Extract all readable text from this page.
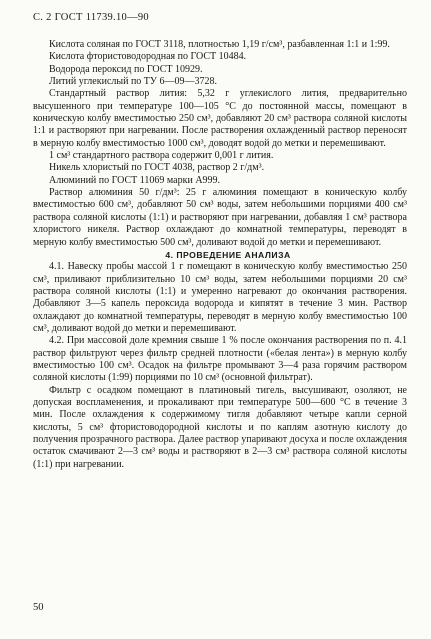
С. 2 ГОСТ 11739.10—90

Кислота соляная по ГОСТ 3118, плотностью 1,19 г/см³, разбавленная 1:1 и 1:99.

Кислота фтористоводородная по ГОСТ 10484.

Водорода пероксид по ГОСТ 10929.

Литий углекислый по ТУ 6—09—3728.

Стандартный раствор лития: 5,32 г углекислого лития, предварительно высушенного при температуре 100—105 °С до постоянной массы, помещают в коническую колбу вместимостью 250 см³, добавляют 20 см³ раствора соляной кислоты 1:1 и растворяют при нагревании. После растворения охлажденный раствор переносят в мерную колбу вместимостью 1000 см³, доводят водой до метки и перемешивают.

1 см³ стандартного раствора содержит 0,001 г лития.

Никель хлористый по ГОСТ 4038, раствор 2 г/дм³.

Алюминий по ГОСТ 11069 марки А999.

Раствор алюминия 50 г/дм³: 25 г алюминия помещают в коническую колбу вместимостью 600 см³, добавляют 50 см³ воды, затем небольшими порциями 400 см³ раствора соляной кислоты (1:1) и растворяют при нагревании, добавляя 1 см³ раствора хлористого никеля. Раствор охлаждают до комнатной температуры, переводят в мерную колбу вместимостью 500 см³, доливают водой до метки и перемешивают.

4. ПРОВЕДЕНИЕ АНАЛИЗА

4.1. Навеску пробы массой 1 г помещают в коническую колбу вместимостью 250 см³, приливают приблизительно 10 см³ воды, затем небольшими порциями 20 см³ раствора соляной кислоты (1:1) и умеренно нагревают до окончания растворения. Добавляют 3—5 капель пероксида водорода и кипятят в течение 3 мин. Раствор охлаждают до комнатной температуры, переводят в мерную колбу вместимостью 100 см³, доливают водой до метки и перемешивают.

4.2. При массовой доле кремния свыше 1 % после окончания растворения по п. 4.1 раствор фильтруют через фильтр средней плотности («белая лента») в мерную колбу вместимостью 100 см³. Осадок на фильтре промывают 3—4 раза горячим раствором соляной кислоты (1:99) порциями по 10 см³ (основной фильтрат).

Фильтр с осадком помещают в платиновый тигель, высушивают, озоляют, не допуская воспламенения, и прокаливают при температуре 500—600 °С в течение 3 мин. После охлаждения к содержимому тигля добавляют четыре капли серной кислоты, 5 см³ фтористоводородной кислоты и по каплям азотную кислоту до получения прозрачного раствора. Далее раствор упаривают досуха и после охлаждения остаток смачивают 2—3 см³ воды и растворяют в 2—3 см³ раствора соляной кислоты (1:1) при нагревании.

50
